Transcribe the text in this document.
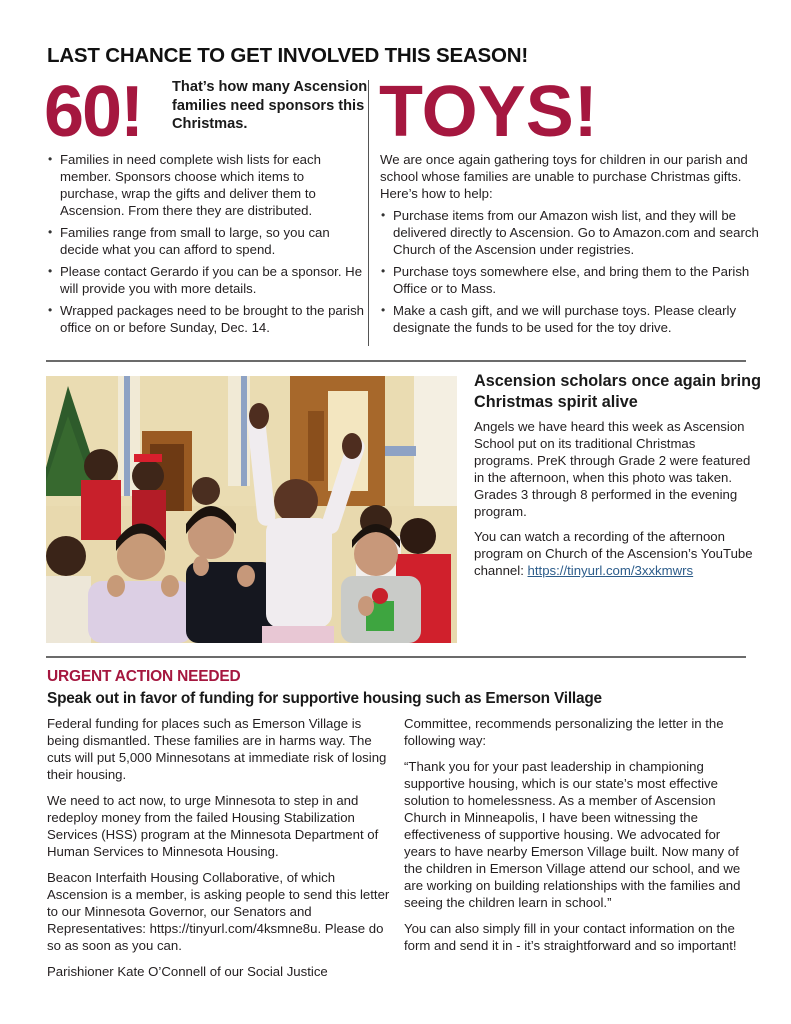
LAST CHANCE TO GET INVOLVED THIS SEASON!
60! That’s how many Ascension families need sponsors this Christmas.
• Families in need complete wish lists for each member. Sponsors choose which items to purchase, wrap the gifts and deliver them to Ascension. From there they are distributed.
• Families range from small to large, so you can decide what you can afford to spend.
• Please contact Gerardo if you can be a sponsor. He will provide you with more details.
• Wrapped packages need to be brought to the parish office on or before Sunday, Dec. 14.
TOYS!

We are once again gathering toys for children in our parish and school whose families are unable to purchase Christmas gifts. Here’s how to help:

• Purchase items from our Amazon wish list, and they will be delivered directly to Ascension. Go to Amazon.com and search Church of the Ascension under registries.
• Purchase toys somewhere else, and bring them to the Parish Office or to Mass.
• Make a cash gift, and we will purchase toys. Please clearly designate the funds to be used for the toy drive.
Ascension scholars once again bring Christmas spirit alive

Angels we have heard this week as Ascension School put on its traditional Christmas programs. PreK through Grade 2 were featured in the afternoon, when this photo was taken. Grades 3 through 8 performed in the evening program.

You can watch a recording of the afternoon program on Church of the Ascension’s YouTube channel: https://tinyurl.com/3xxkmwrs

URGENT ACTION NEEDED
Speak out in favor of funding for supportive housing such as Emerson Village

Federal funding for places such as Emerson Village is being dismantled. These families are in harms way. The cuts will put 5,000 Minnesotans at immediate risk of losing their housing.

We need to act now, to urge Minnesota to step in and redeploy money from the failed Housing Stabilization Services (HSS) program at the Minnesota Department of Human Services to Minnesota Housing.

Beacon Interfaith Housing Collaborative, of which Ascension is a member, is asking people to send this letter to our Minnesota Governor, our Senators and Representatives: https://tinyurl.com/4ksmne8u. Please do so as soon as you can.

Parishioner Kate O’Connell of our Social Justice

Committee, recommends personalizing the letter in the following way:

“Thank you for your past leadership in championing supportive housing, which is our state’s most effective solution to homelessness. As a member of Ascension Church in Minneapolis, I have been witnessing the effectiveness of supportive housing. We advocated for years to have nearby Emerson Village built. Now many of the children in Emerson Village attend our school, and we are working on building relationships with the families and seeing the children learn in school.”

You can also simply fill in your contact information on the form and send it in - it’s straightforward and so important!
